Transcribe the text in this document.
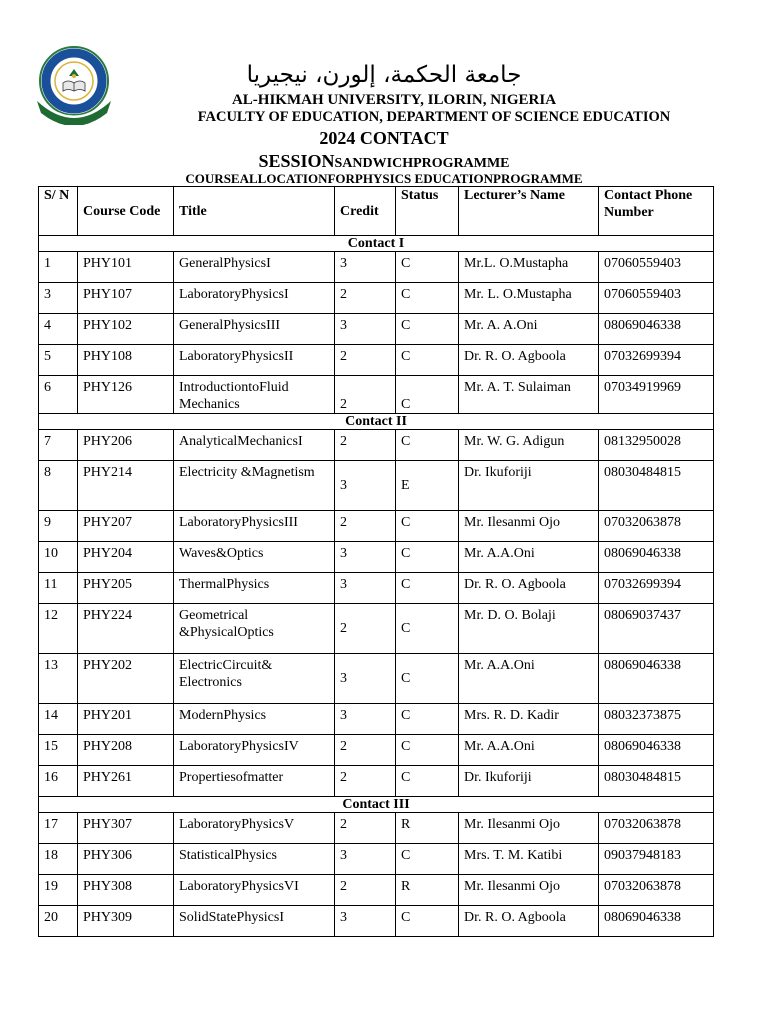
جامعة الحكمة، إلورن، نيجيريا
AL-HIKMAH UNIVERSITY, ILORIN, NIGERIA
FACULTY OF EDUCATION, DEPARTMENT OF SCIENCE EDUCATION
2024 CONTACT
SESSIONSANDWICHPROGRAMME
COURSEALLOCATIONFORPHYSICS EDUCATIONPROGRAMME
S/ N	Course Code	Title	Credit	Status	Lecturer’s Name	Contact Phone Number
Contact I						
1	PHY101	GeneralPhysicsI	3	C	Mr.L. O.Mustapha	07060559403
3	PHY107	LaboratoryPhysicsI	2	C	Mr. L. O.Mustapha	07060559403
4	PHY102	GeneralPhysicsIII	3	C	Mr. A. A.Oni	08069046338
5	PHY108	LaboratoryPhysicsII	2	C	Dr. R. O. Agboola	07032699394
6	PHY126	IntroductiontoFluid Mechanics	2	C	Mr. A. T. Sulaiman	07034919969
Contact II						
7	PHY206	AnalyticalMechanicsI	2	C	Mr. W. G. Adigun	08132950028
8	PHY214	Electricity &Magnetism	3	E	Dr. Ikuforiji	08030484815
9	PHY207	LaboratoryPhysicsIII	2	C	Mr. Ilesanmi Ojo	07032063878
10	PHY204	Waves&Optics	3	C	Mr. A.A.Oni	08069046338
11	PHY205	ThermalPhysics	3	C	Dr. R. O. Agboola	07032699394
12	PHY224	Geometrical &PhysicalOptics	2	C	Mr. D. O. Bolaji	08069037437
13	PHY202	ElectricCircuit& Electronics	3	C	Mr. A.A.Oni	08069046338
14	PHY201	ModernPhysics	3	C	Mrs. R. D. Kadir	08032373875
15	PHY208	LaboratoryPhysicsIV	2	C	Mr. A.A.Oni	08069046338
16	PHY261	Propertiesofmatter	2	C	Dr. Ikuforiji	08030484815
Contact III						
17	PHY307	LaboratoryPhysicsV	2	R	Mr. Ilesanmi Ojo	07032063878
18	PHY306	StatisticalPhysics	3	C	Mrs. T. M. Katibi	09037948183
19	PHY308	LaboratoryPhysicsVI	2	R	Mr. Ilesanmi Ojo	07032063878
20	PHY309	SolidStatePhysicsI	3	C	Dr. R. O. Agboola	08069046338
